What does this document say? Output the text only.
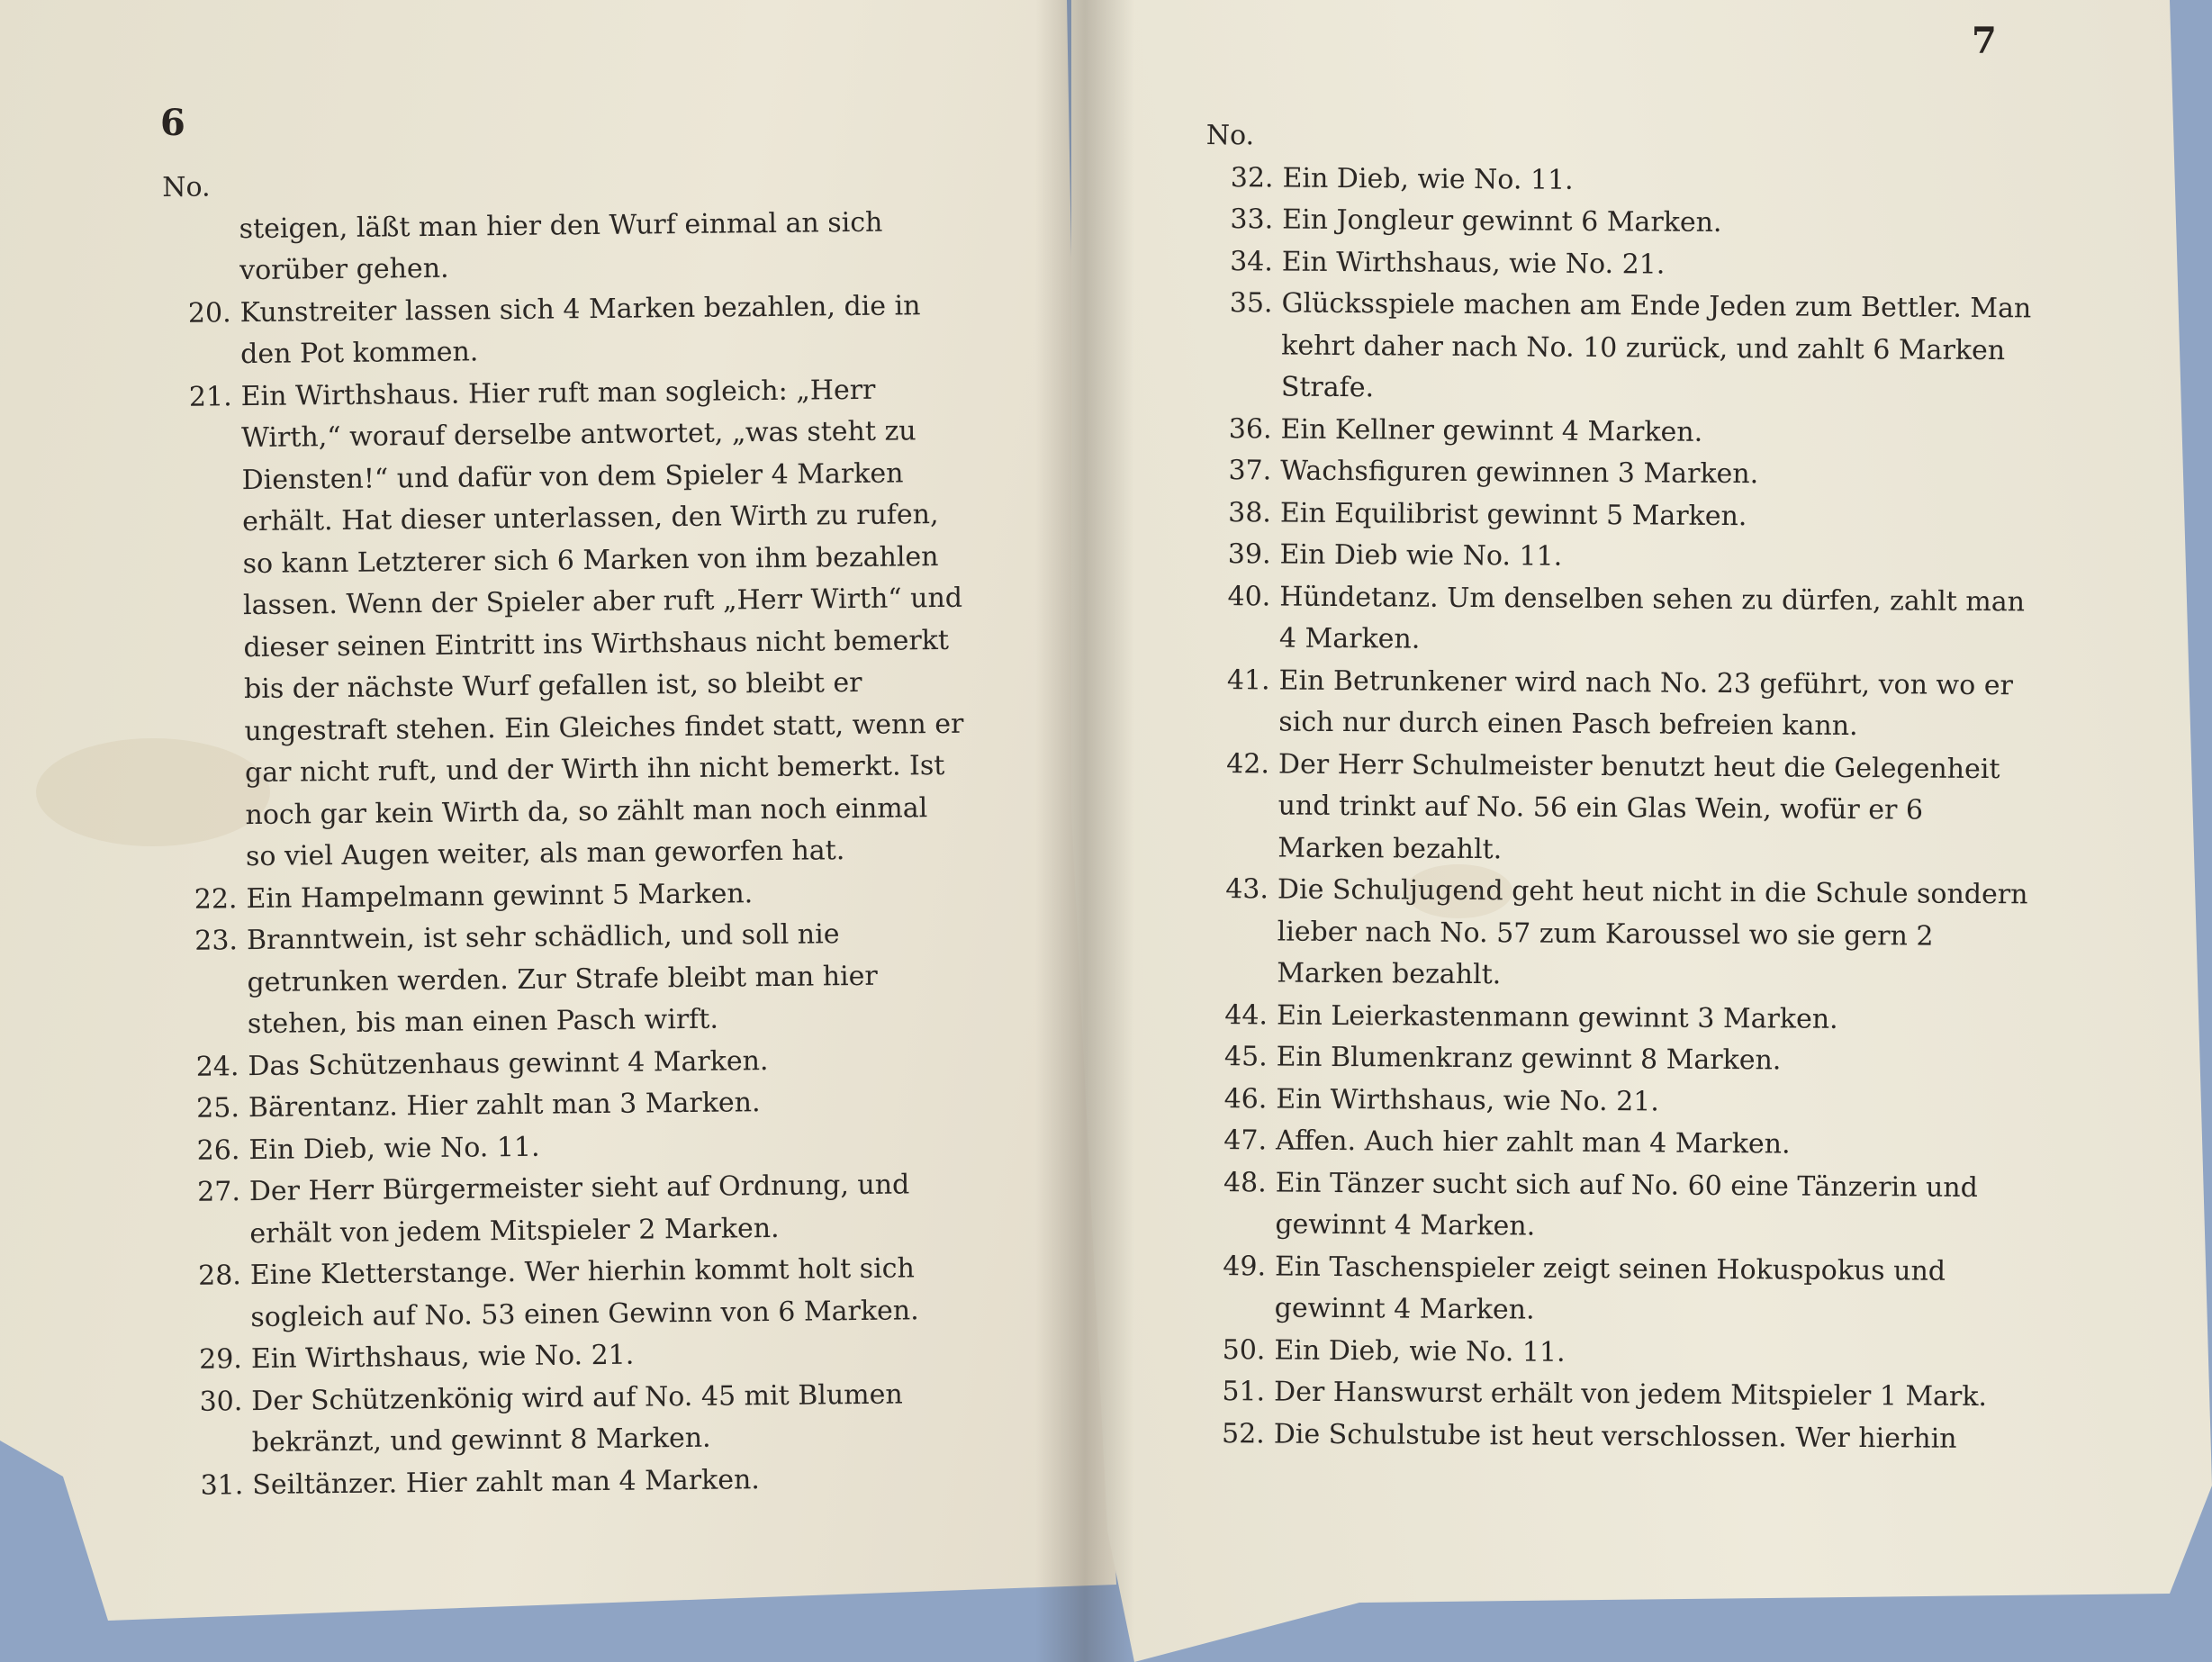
6
7

No.

steigen, läßt man hier den Wurf einmal an sich vorüber gehen.

20. Kunstreiter lassen sich 4 Marken bezahlen, die in den Pot kommen.

21. Ein Wirthshaus. Hier ruft man sogleich: „Herr Wirth,“ worauf derselbe antwortet, „was steht zu Diensten!“ und dafür von dem Spieler 4 Marken erhält. Hat dieser unterlassen, den Wirth zu rufen, so kann Letzterer sich 6 Marken von ihm bezahlen lassen. Wenn der Spieler aber ruft „Herr Wirth“ und dieser seinen Eintritt ins Wirthshaus nicht bemerkt bis der nächste Wurf gefallen ist, so bleibt er ungestraft stehen. Ein Gleiches findet statt, wenn er gar nicht ruft, und der Wirth ihn nicht bemerkt. Ist noch gar kein Wirth da, so zählt man noch einmal so viel Augen weiter, als man geworfen hat.

22. Ein Hampelmann gewinnt 5 Marken.

23. Branntwein, ist sehr schädlich, und soll nie getrunken werden. Zur Strafe bleibt man hier stehen, bis man einen Pasch wirft.

24. Das Schützenhaus gewinnt 4 Marken.

25. Bärentanz. Hier zahlt man 3 Marken.

26. Ein Dieb, wie No. 11.

27. Der Herr Bürgermeister sieht auf Ordnung, und erhält von jedem Mitspieler 2 Marken.

28. Eine Kletterstange. Wer hierhin kommt holt sich sogleich auf No. 53 einen Gewinn von 6 Marken.

29. Ein Wirthshaus, wie No. 21.

30. Der Schützenkönig wird auf No. 45 mit Blumen bekränzt, und gewinnt 8 Marken.

31. Seiltänzer. Hier zahlt man 4 Marken.

No.

32. Ein Dieb, wie No. 11.

33. Ein Jongleur gewinnt 6 Marken.

34. Ein Wirthshaus, wie No. 21.

35. Glücksspiele machen am Ende Jeden zum Bettler. Man kehrt daher nach No. 10 zurück, und zahlt 6 Marken Strafe.

36. Ein Kellner gewinnt 4 Marken.

37. Wachsfiguren gewinnen 3 Marken.

38. Ein Equilibrist gewinnt 5 Marken.

39. Ein Dieb wie No. 11.

40. Hündetanz. Um denselben sehen zu dürfen, zahlt man 4 Marken.

41. Ein Betrunkener wird nach No. 23 geführt, von wo er sich nur durch einen Pasch befreien kann.

42. Der Herr Schulmeister benutzt heut die Gelegenheit und trinkt auf No. 56 ein Glas Wein, wofür er 6 Marken bezahlt.

43. Die Schuljugend geht heut nicht in die Schule sondern lieber nach No. 57 zum Karoussel wo sie gern 2 Marken bezahlt.

44. Ein Leierkastenmann gewinnt 3 Marken.

45. Ein Blumenkranz gewinnt 8 Marken.

46. Ein Wirthshaus, wie No. 21.

47. Affen. Auch hier zahlt man 4 Marken.

48. Ein Tänzer sucht sich auf No. 60 eine Tänzerin und gewinnt 4 Marken.

49. Ein Taschenspieler zeigt seinen Hokuspokus und gewinnt 4 Marken.

50. Ein Dieb, wie No. 11.

51. Der Hanswurst erhält von jedem Mitspieler 1 Mark.

52. Die Schulstube ist heut verschlossen. Wer hierhin
